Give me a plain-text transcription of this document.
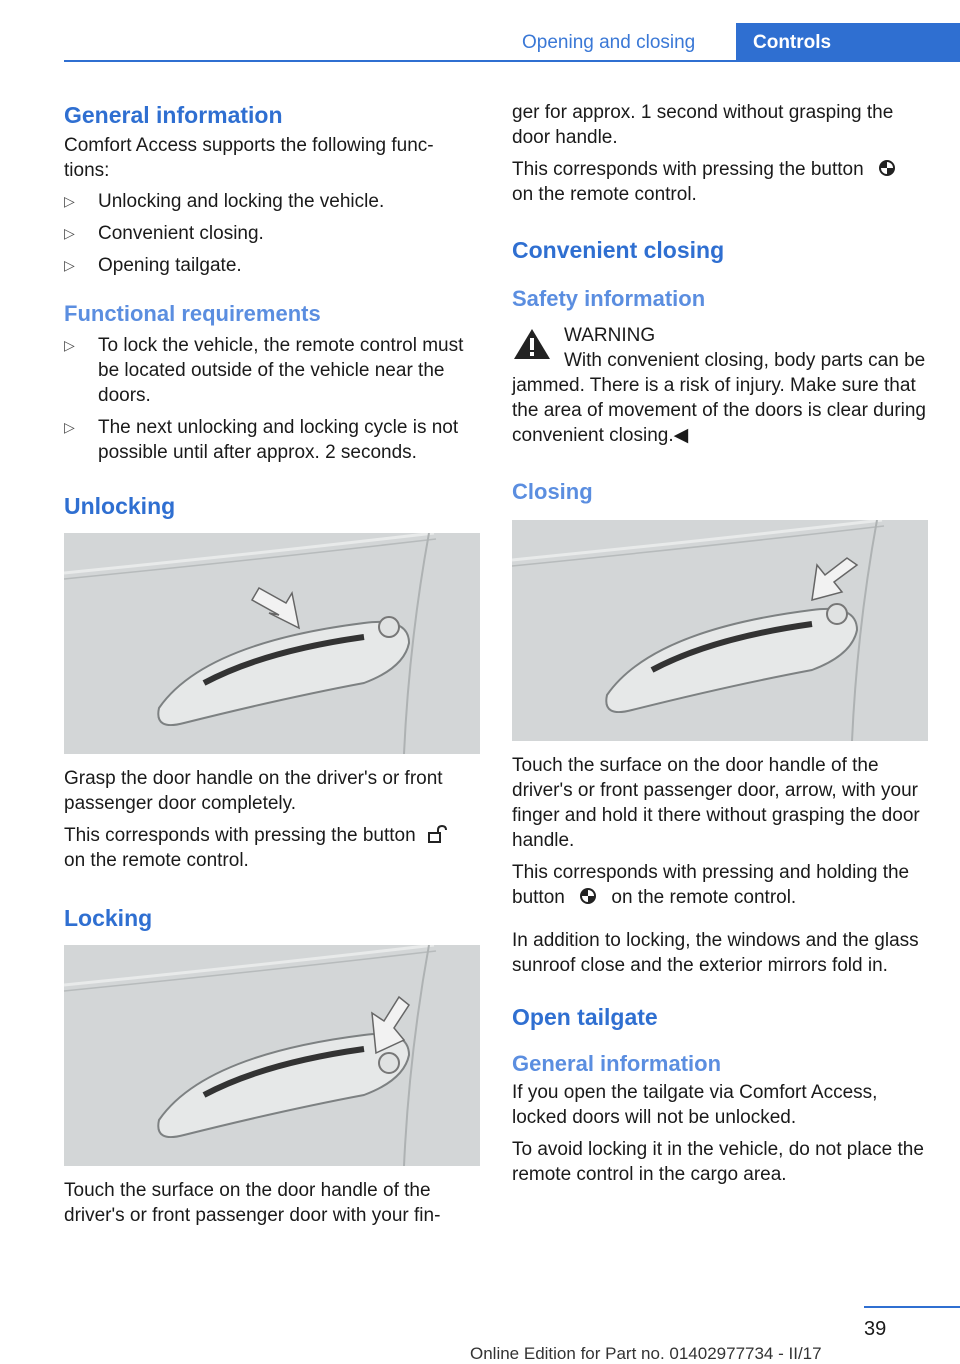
Opening and closing	Controls
General information

Comfort Access supports the following func‐ tions:

▷ Unlocking and locking the vehicle.
▷ Convenient closing.
▷ Opening tailgate.
Functional requirements
▷ To lock the vehicle, the remote control must be located outside of the vehicle near the doors.
▷ The next unlocking and locking cycle is not possible until after approx. 2 seconds.
Unlocking

Grasp the door handle on the driver's or front passenger door completely.

This corresponds with pressing the button  on the remote control.

Locking

Touch the surface on the door handle of the driver's or front passenger door with your fin‐

ger for approx. 1 second without grasping the door handle.

This corresponds with pressing the button  on the remote control.

Convenient closing
Safety information

WARNING

With convenient closing, body parts can be jammed. There is a risk of injury. Make sure that the area of movement of the doors is clear during convenient closing.◀

Closing

Touch the surface on the door handle of the driver's or front passenger door, arrow, with your finger and hold it there without grasping the door handle.

This corresponds with pressing and holding the button on the remote control.

In addition to locking, the windows and the glass sunroof close and the exterior mirrors fold in.

Open tailgate
General information

If you open the tailgate via Comfort Access, locked doors will not be unlocked.

To avoid locking it in the vehicle, do not place the remote control in the cargo area.

39
Online Edition for Part no. 01402977734 - II/17
